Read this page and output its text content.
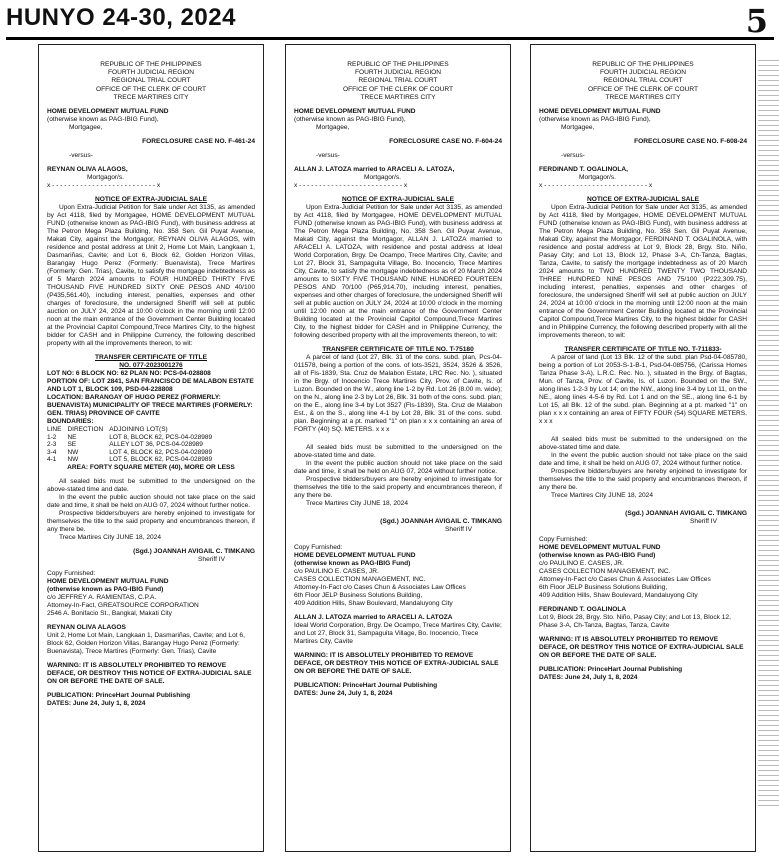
HUNYO 24-30, 2024	5
REPUBLIC OF THE PHILIPPINES
FOURTH JUDICIAL REGION
REGIONAL TRIAL COURT
OFFICE OF THE CLERK OF COURT
TRECE MARTIRES CITY
HOME DEVELOPMENT MUTUAL FUND
(otherwise known as PAG-IBIG Fund),
Mortgagee,
FORECLOSURE CASE NO. F-461-24
-versus-
REYNAN OLIVA ALAGOS,
Mortgagor/s.
x - - - - - - - - - - - - - - - - - - - - - - - - - - x
NOTICE OF EXTRA-JUDICIAL SALE
Upon Extra-Judicial Petition for Sale under Act 3135, as amended by Act 4118, filed by Mortgagee, HOME DEVELOPMENT MUTUAL FUND (otherwise known as PAG-IBIG Fund), with business address at The Petron Mega Plaza Building, No. 358 Sen. Gil Puyat Avenue, Makati City, against the Mortgagor, REYNAN OLIVA ALAGOS, with residence and postal address at Unit 2, Home Lot Main, Langkaan 1, Dasmariñas, Cavite; and Lot 6, Block 62, Golden Horizon Villas, Barangay Hugo Perez (Formerly: Buenavista), Trece Martires (Formerly: Gen. Trias), Cavite, to satisfy the mortgage indebtedness as of 5 March 2024 amounts to FOUR HUNDRED THIRTY FIVE THOUSAND FIVE HUNDRED SIXTY ONE PESOS AND 40/100 (P435,561.40), including interest, penalties, expenses and other charges of foreclosure, the undersigned Sheriff will sell at public auction on JULY 24, 2024 at 10:00 o'clock in the morning until 12:00 noon at the main entrance of the Government Center Building located at the Provincial Capitol Compound,Trece Martires City, to the highest bidder for CASH and in Philippine Currency, the following described property with all the improvements thereon, to wit:
TRANSFER CERTIFICATE OF TITLE
NO. 077-2023001276
LOT NO: 6 BLOCK NO: 62 PLAN NO: PCS-04-028808
PORTION OF: LOT 2841, SAN FRANCISCO DE MALABON ESTATE AND LOT 1, BLOCK 109, PSD-04-228808
LOCATION: BARANGAY OF HUGO PEREZ (FORMERLY: BUENAVISTA) MUNICIPALITY OF TRECE MARTIRES (FORMERLY: GEN. TRIAS) PROVINCE OF CAVITE
BOUNDARIES:
LINE	DIRECTION	ADJOINING LOT(S)
1-2	NE	LOT 8, BLOCK 62, PCS-04-028989
2-3	SE	ALLEY LOT 36, PCS-04-028989
3-4	NW	LOT 4, BLOCK 62, PCS-04-028989
4-1	NW	LOT 5, BLOCK 62, PCS-04-028989
AREA: FORTY SQUARE METER (40), MORE OR LESS
All sealed bids must be submitted to the undersigned on the above-stated time and date.
In the event the public auction should not take place on the said date and time, it shall be held on AUG 07, 2024 without further notice.
Prospective bidders/buyers are hereby enjoined to investigate for themselves the title to the said property and encumbrances thereon, if any there be.
Trece Martires City JUNE 18, 2024
(Sgd.) JOANNAH AVIGAIL C. TIMKANG
Sheriff IV
Copy Furnished:
HOME DEVELOPMENT MUTUAL FUND
(otherwise known as PAG-IBIG Fund)
c/o JEFFREY A. RAMIENTAS, C.P.A.
Attorney-In-Fact, GREATSOURCE CORPORATION
2546 A. Bonifacio St., Bangkal, Makati City
REYNAN OLIVA ALAGOS
Unit 2, Home Lot Main, Langkaan 1, Dasmariñas, Cavite; and Lot 6, Block 62, Golden Horizon Villas, Barangay Hugo Perez (Formerly: Buenavista), Trece Martires (Formerly: Gen. Trias), Cavite
WARNING: IT IS ABSOLUTELY PROHIBITED TO REMOVE DEFACE, OR DESTROY THIS NOTICE OF EXTRA-JUDICIAL SALE ON OR BEFORE THE DATE OF SALE.
PUBLICATION: PrinceHart Journal Publishing
DATES: June 24, July 1, 8, 2024
REPUBLIC OF THE PHILIPPINES
FOURTH JUDICIAL REGION
REGIONAL TRIAL COURT
OFFICE OF THE CLERK OF COURT
TRECE MARTIRES CITY
HOME DEVELOPMENT MUTUAL FUND
(otherwise known as PAG-IBIG Fund),
Mortgagee,
FORECLOSURE CASE NO. F-604-24
-versus-
ALLAN J. LATOZA married to ARACELI A. LATOZA,
Mortgagor/s.
x - - - - - - - - - - - - - - - - - - - - - - - - - - x
NOTICE OF EXTRA-JUDICIAL SALE
Upon Extra-Judicial Petition for Sale under Act 3135, as amended by Act 4118, filed by Mortgagee, HOME DEVELOPMENT MUTUAL FUND (otherwise known as PAG-IBIG Fund), with business address at The Petron Mega Plaza Building, No. 358 Sen. Gil Puyat Avenue, Makati City, against the Mortgagor, ALLAN J. LATOZA married to ARACELI A. LATOZA, with residence and postal address at Ideal World Corporation, Brgy. De Ocampo, Trece Martires City, Cavite; and Lot 27, Block 31, Sampaguita Village, Bo. Inocencio, Trece Martires City, Cavite, to satisfy the mortgage indebtedness as of 20 March 2024 amounts to SIXTY FIVE THOUSAND NINE HUNDRED FOURTEEN PESOS AND 70/100 (P65,914.70), including interest, penalties, expenses and other charges of foreclosure, the undersigned Sheriff will sell at public auction on JULY 24, 2024 at 10:00 o'clock in the morning until 12:00 noon at the main entrance of the Government Center Building located at the Provincial Capitol Compound,Trece Martires City, to the highest bidder for CASH and in Philippine Currency, the following described property with all the improvements thereon, to wit:
TRANSFER CERTIFICATE OF TITLE NO. T-75180
A parcel of land (Lot 27, Blk. 31 of the cons. subd. plan, Pcs-04-011578, being a portion of the cons. of lots-3521, 3524, 3526 & 3526, all of Fls-1839, Sta. Cruz de Malabon Estate, LRC Rec. No. ), situated in the Brgy. of Inocencio Trece Martires City, Prov. of Cavite, Is. of Luzon. Bounded on the W., along line 1-2 by Rd. Lot 26 (8.00 m. wide); on the N., along line 2-3 by Lot 26, Blk. 31 both of the cons. subd. plan; on the E., along line 3-4 by Lot 3527 (Fls-1839), Sta. Cruz de Malabon Est., & on the S., along line 4-1 by Lot 28, Blk. 31 of the cons. subd. plan. Beginning at a pt. marked "1" on plan x x x containing an area of FORTY (40) SQ. METERS. x x x
All sealed bids must be submitted to the undersigned on the above-stated time and date.
In the event the public auction should not take place on the said date and time, it shall be held on AUG 07, 2024 without further notice.
Prospective bidders/buyers are hereby enjoined to investigate for themselves the title to the said property and encumbrances thereon, if any there be.
Trece Martires City JUNE 18, 2024
(Sgd.) JOANNAH AVIGAIL C. TIMKANG
Sheriff IV
Copy Furnished:
HOME DEVELOPMENT MUTUAL FUND
(otherwise known as PAG-IBIG Fund)
c/o PAULINO E. CASES, JR.
CASES COLLECTION MANAGEMENT, INC.
Attorney-In-Fact c/o Cases Chun & Associates Law Offices
6th Floor JELP Business Solutions Building,
409 Addition Hills, Shaw Boulevard, Mandaluyong City
ALLAN J. LATOZA married to ARACELI A. LATOZA
Ideal World Corporation, Brgy. De Ocampo, Trece Martires City, Cavite; and Lot 27, Block 31, Sampaguita Village, Bo. Inocencio, Trece Martires City, Cavite
WARNING: IT IS ABSOLUTELY PROHIBITED TO REMOVE DEFACE, OR DESTROY THIS NOTICE OF EXTRA-JUDICIAL SALE ON OR BEFORE THE DATE OF SALE.
PUBLICATION: PrinceHart Journal Publishing
DATES: June 24, July 1, 8, 2024
REPUBLIC OF THE PHILIPPINES
FOURTH JUDICIAL REGION
REGIONAL TRIAL COURT
OFFICE OF THE CLERK OF COURT
TRECE MARTIRES CITY
HOME DEVELOPMENT MUTUAL FUND
(otherwise known as PAG-IBIG Fund),
Mortgagee,
FORECLOSURE CASE NO. F-608-24
-versus-
FERDINAND T. OGALINOLA,
Mortgagor/s.
x - - - - - - - - - - - - - - - - - - - - - - - - - - x
NOTICE OF EXTRA-JUDICIAL SALE
Upon Extra-Judicial Petition for Sale under Act 3135, as amended by Act 4118, filed by Mortgagee, HOME DEVELOPMENT MUTUAL FUND (otherwise known as PAG-IBIG Fund), with business address at The Petron Mega Plaza Building, No. 358 Sen. Gil Puyat Avenue, Makati City, against the Mortgagor, FERDINAND T. OGALINOLA, with residence and postal address at Lot 9, Block 28, Brgy. Sto. Niño, Pasay City; and Lot 13, Block 12, Phase 3-A, Ch-Tanza, Bagtas, Tanza, Cavite, to satisfy the mortgage indebtedness as of 20 March 2024 amounts to TWO HUNDRED TWENTY TWO THOUSAND THREE HUNDRED NINE PESOS AND 75/100 (P222,309.75), including interest, penalties, expenses and other charges of foreclosure, the undersigned Sheriff will sell at public auction on JULY 24, 2024 at 10:00 o'clock in the morning until 12:00 noon at the main entrance of the Government Center Building located at the Provincial Capitol Compound,Trece Martires City, to the highest bidder for CASH and in Philippine Currency, the following described property with all the improvements thereon, to wit:
TRANSFER CERTIFICATE OF TITLE NO. T-711833-
A parcel of land (Lot 13 Blk. 12 of the subd. plan Psd-04-085780, being a portion of Lot 2053-S-1-B-1, Psd-04-085756, (Carissa Homes Tanza Phase 3-A), L.R.C. Rec. No. ), situated in the Brgy. of Bagtas, Mun. of Tanza, Prov. of Cavite, Is. of Luzon. Bounded on the SW., along lines 1-2-3 by Lot 14; on the NW., along line 3-4 by Lot 11, on the NE., along lines 4-5-6 by Rd. Lot 1 and on the SE., along line 6-1 by Lot 15, all Blk. 12 of the subd. plan. Beginning at a pt. marked "1" on plan x x x containing an area of FIFTY FOUR (54) SQUARE METERS. x x x
All sealed bids must be submitted to the undersigned on the above-stated time and date.
In the event the public auction should not take place on the said date and time, it shall be held on AUG 07, 2024 without further notice.
Prospective bidders/buyers are hereby enjoined to investigate for themselves the title to the said property and encumbrances thereon, if any there be.
Trece Martires City JUNE 18, 2024
(Sgd.) JOANNAH AVIGAIL C. TIMKANG
Sheriff IV
Copy Furnished:
HOME DEVELOPMENT MUTUAL FUND
(otherwise known as PAG-IBIG Fund)
c/o PAULINO E. CASES, JR.
CASES COLLECTION MANAGEMENT, INC.
Attorney-In-Fact c/o Cases Chun & Associates Law Offices
6th Floor JELP Business Solutions Building,
409 Addition Hills, Shaw Boulevard, Mandaluyong City
FERDINAND T. OGALINOLA
Lot 9, Block 28, Brgy. Sto. Niño, Pasay City; and Lot 13, Block 12, Phase 3-A, Ch-Tanza, Bagtas, Tanza, Cavite
WARNING: IT IS ABSOLUTELY PROHIBITED TO REMOVE DEFACE, OR DESTROY THIS NOTICE OF EXTRA-JUDICIAL SALE ON OR BEFORE THE DATE OF SALE.
PUBLICATION: PrinceHart Journal Publishing
DATES: June 24, July 1, 8, 2024
